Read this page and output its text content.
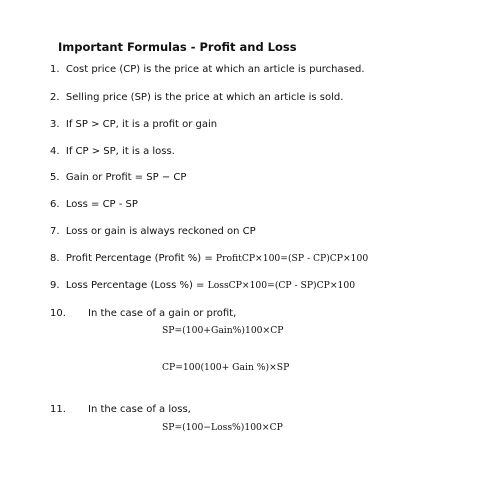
Important Formulas - Profit and Loss
1. Cost price (CP) is the price at which an article is purchased.
2. Selling price (SP) is the price at which an article is sold.
3. If SP > CP, it is a profit or gain
4. If CP > SP, it is a loss.
5. Gain or Profit = SP − CP
6. Loss = CP - SP
7. Loss or gain is always reckoned on CP
8. Profit Percentage (Profit %) = ProfitCP×100=(SP - CP)CP×100
9. Loss Percentage (Loss %) = LossCP×100=(CP - SP)CP×100
10. In the case of a gain or profit,
SP=(100+Gain%)100×CP
CP=100(100+ Gain %)×SP
11. In the case of a loss,
SP=(100−Loss%)100×CP
